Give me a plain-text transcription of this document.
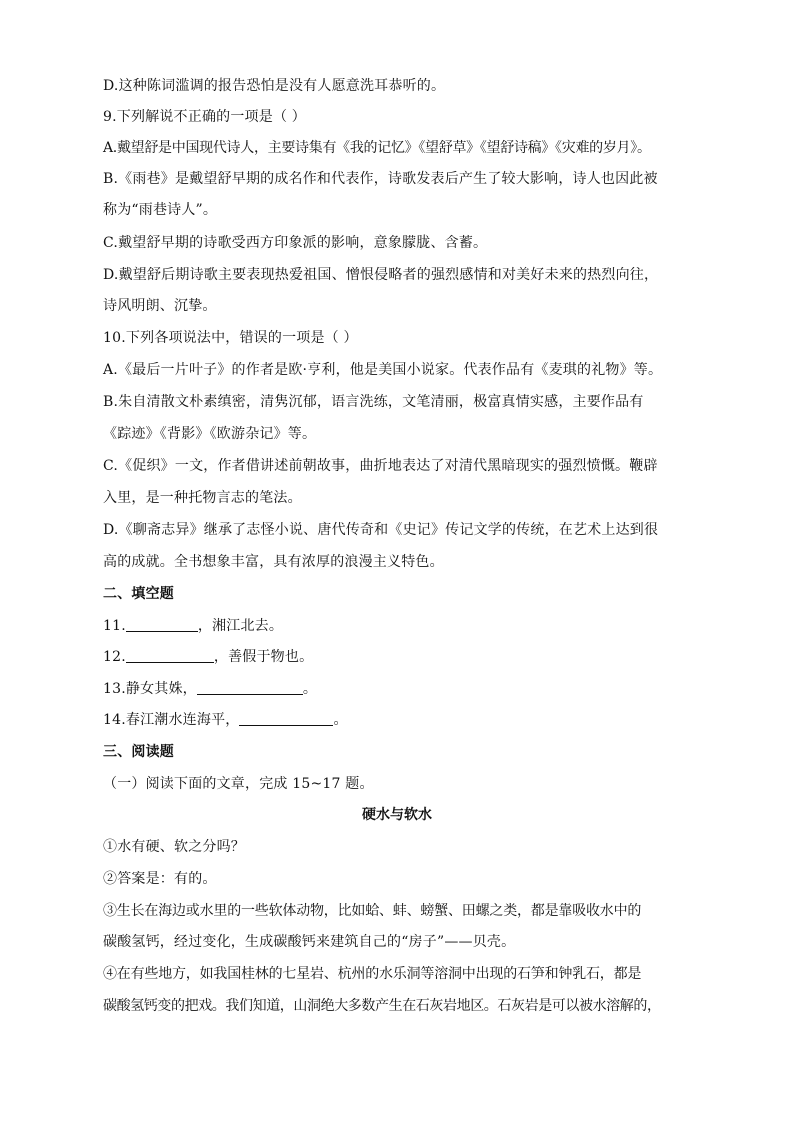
D.这种陈词滥调的报告恐怕是没有人愿意洗耳恭听的。
9.下列解说不正确的一项是（ ）
A.戴望舒是中国现代诗人，主要诗集有《我的记忆》《望舒草》《望舒诗稿》《灾难的岁月》。
B.《雨巷》是戴望舒早期的成名作和代表作，诗歌发表后产生了较大影响，诗人也因此被
称为“雨巷诗人”。
C.戴望舒早期的诗歌受西方印象派的影响，意象朦胧、含蓄。
D.戴望舒后期诗歌主要表现热爱祖国、憎恨侵略者的强烈感情和对美好未来的热烈向往，
诗风明朗、沉挚。
10.下列各项说法中，错误的一项是（ ）
A.《最后一片叶子》的作者是欧·亨利，他是美国小说家。代表作品有《麦琪的礼物》等。
B.朱自清散文朴素缜密，清隽沉郁，语言洗练，文笔清丽，极富真情实感，主要作品有
《踪迹》《背影》《欧游杂记》等。
C.《促织》一文，作者借讲述前朝故事，曲折地表达了对清代黑暗现实的强烈愤慨。鞭辟
入里，是一种托物言志的笔法。
D.《聊斋志异》继承了志怪小说、唐代传奇和《史记》传记文学的传统，在艺术上达到很
高的成就。全书想象丰富，具有浓厚的浪漫主义特色。
二、填空题
11.	，湘江北去。
12.	，善假于物也。
13.静女其姝，	。
14.春江潮水连海平，	。
三、阅读题
（一）阅读下面的文章，完成 15~17 题。
硬水与软水
①水有硬、软之分吗？
②答案是：有的。
③生长在海边或水里的一些软体动物，比如蛤、蚌、螃蟹、田螺之类，都是靠吸收水中的
碳酸氢钙，经过变化，生成碳酸钙来建筑自己的“房子”——贝壳。
④在有些地方，如我国桂林的七星岩、杭州的水乐洞等溶洞中出现的石笋和钟乳石，都是
碳酸氢钙变的把戏。我们知道，山洞绝大多数产生在石灰岩地区。石灰岩是可以被水溶解的，
